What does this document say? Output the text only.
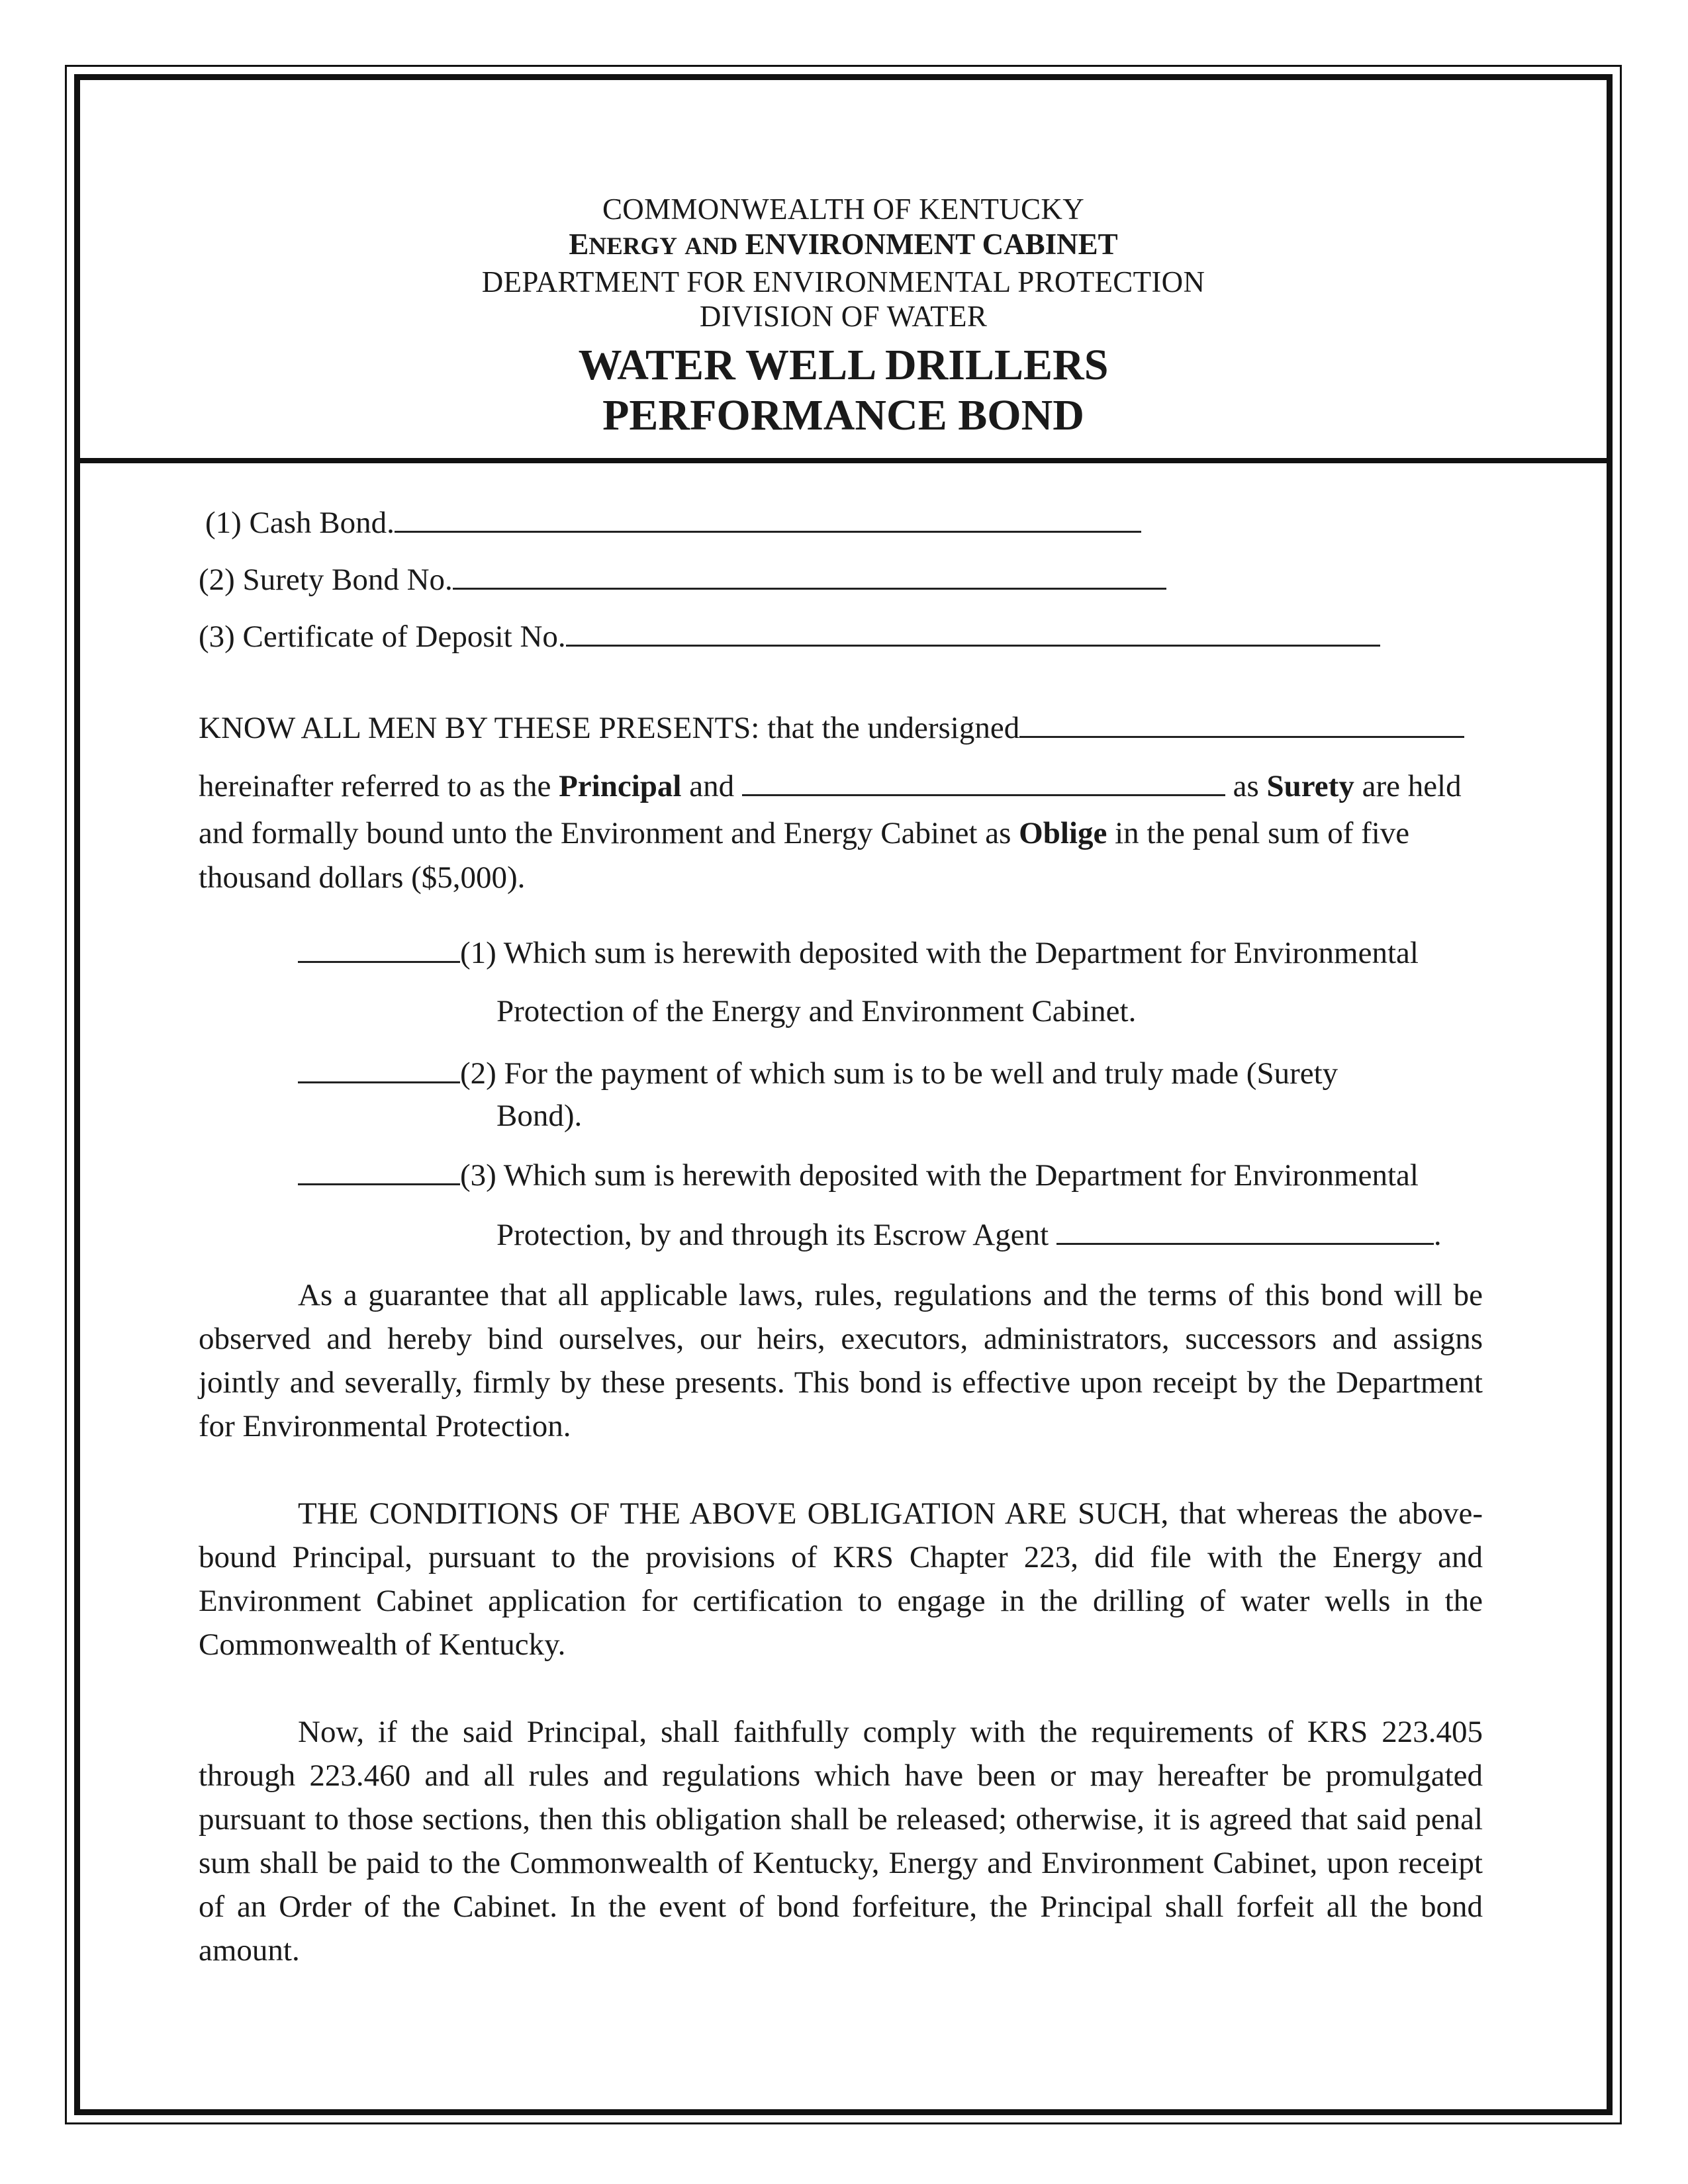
COMMONWEALTH OF KENTUCKY
ENERGY AND ENVIRONMENT CABINET
DEPARTMENT FOR ENVIRONMENTAL PROTECTION
DIVISION OF WATER
WATER WELL DRILLERS
PERFORMANCE BOND
(1) Cash Bond.
(2) Surety Bond No.
(3) Certificate of Deposit No.
KNOW ALL MEN BY THESE PRESENTS: that the undersigned
hereinafter referred to as the Principal and	as Surety are held
and formally bound unto the Environment and Energy Cabinet as Oblige in the penal sum of five
thousand dollars ($5,000).
(1) Which sum is herewith deposited with the Department for Environmental
Protection of the Energy and Environment Cabinet.
(2) For the payment of which sum is to be well and truly made (Surety
Bond).
(3) Which sum is herewith deposited with the Department for Environmental
Protection, by and through its Escrow Agent	.
As a guarantee that all applicable laws, rules, regulations and the terms of this bond will be observed and hereby bind ourselves, our heirs, executors, administrators, successors and assigns jointly and severally, firmly by these presents. This bond is effective upon receipt by the Department for Environmental Protection.
THE CONDITIONS OF THE ABOVE OBLIGATION ARE SUCH, that whereas the above-bound Principal, pursuant to the provisions of KRS Chapter 223, did file with the Energy and Environment Cabinet application for certification to engage in the drilling of water wells in the Commonwealth of Kentucky.
Now, if the said Principal, shall faithfully comply with the requirements of KRS 223.405 through 223.460 and all rules and regulations which have been or may hereafter be promulgated pursuant to those sections, then this obligation shall be released; otherwise, it is agreed that said penal sum shall be paid to the Commonwealth of Kentucky, Energy and Environment Cabinet, upon receipt of an Order of the Cabinet. In the event of bond forfeiture, the Principal shall forfeit all the bond amount.
